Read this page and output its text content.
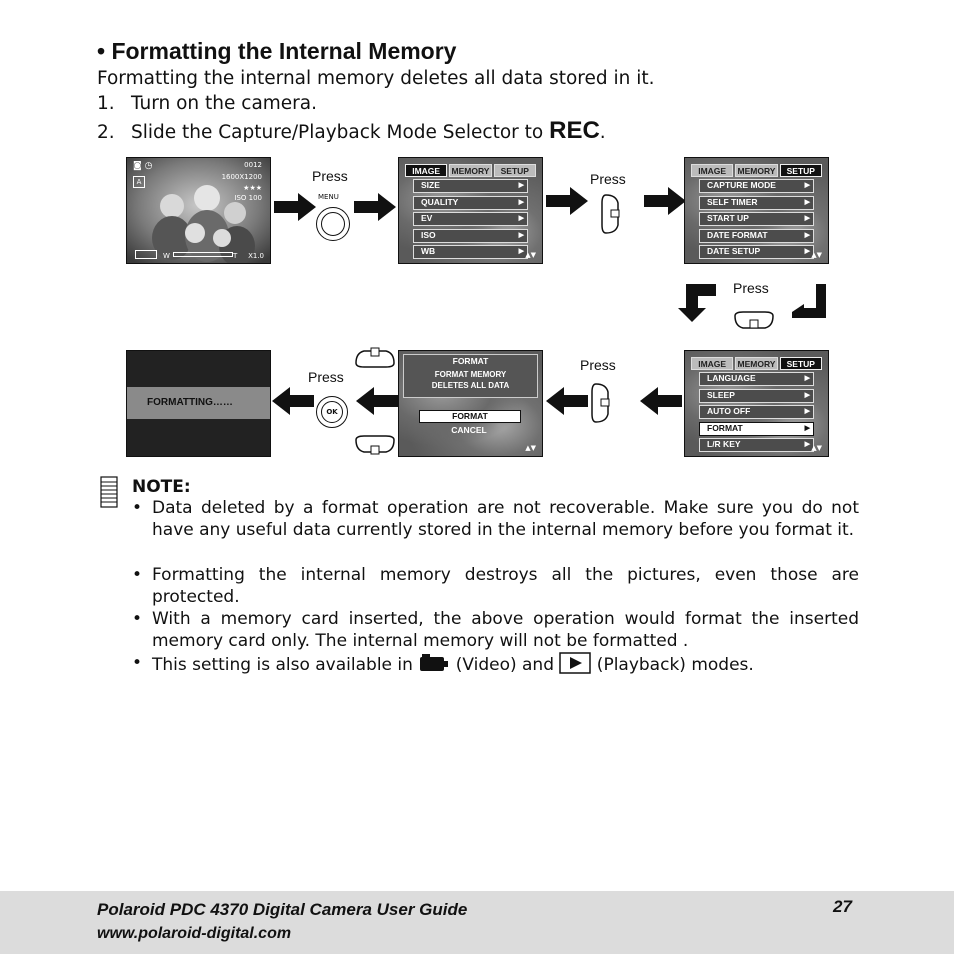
• Formatting the Internal Memory
Formatting the internal memory deletes all data stored in it.
1. Turn on the camera.
2. Slide the Capture/Playback Mode Selector to REC.
◙ ◷
A
0012
1600X1200
★★★
ISO 100
W	T X1.0
Press
MENU
IMAGE	MEMORY	SETUP
SIZE ▶
QUALITY ▶
EV ▶
ISO ▶
WB ▶	▲▼
Press	IMAGE	MEMORY	SETUP
CAPTURE MODE ▶
SELF TIMER ▶
START UP ▶
DATE FORMAT ▶
DATE SETUP ▶	▲▼
Press
IMAGE	MEMORY	SETUP
LANGUAGE ▶
SLEEP ▶
AUTO OFF ▶
FORMAT ▶
L/R KEY ▶	▲▼
Press
FORMAT
FORMAT MEMORY
DELETES ALL DATA
FORMAT
CANCEL
▲▼
Press
OK
FORMATTING……
NOTE:
• Data deleted by a format operation are not recoverable. Make sure you do not have any useful data currently stored in the internal memory before you format it.
• Formatting the internal memory destroys all the pictures, even those are protected.
• With a memory card inserted, the above operation would format the inserted memory card only. The internal memory will not be formatted .
• This setting is also available in  (Video) and  (Playback) modes.
Polaroid PDC 4370 Digital Camera User Guide
www.polaroid-digital.com
27
